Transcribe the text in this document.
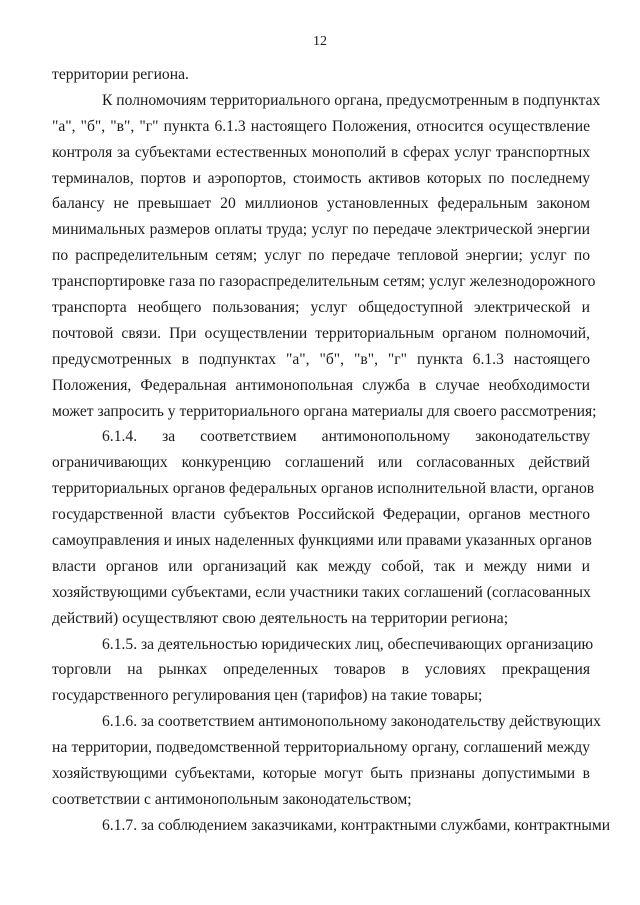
12
территории региона.
К полномочиям территориального органа, предусмотренным в подпунктах
"а", "б", "в", "г" пункта 6.1.3 настоящего Положения, относится осуществление
контроля за субъектами естественных монополий в сферах услуг транспортных
терминалов, портов и аэропортов, стоимость активов которых по последнему
балансу не превышает 20 миллионов установленных федеральным законом
минимальных размеров оплаты труда; услуг по передаче электрической энергии
по распределительным сетям; услуг по передаче тепловой энергии; услуг по
транспортировке газа по газораспределительным сетям; услуг железнодорожного
транспорта необщего пользования; услуг общедоступной электрической и
почтовой связи. При осуществлении территориальным органом полномочий,
предусмотренных в подпунктах "а", "б", "в", "г" пункта 6.1.3 настоящего
Положения, Федеральная антимонопольная служба в случае необходимости
может запросить у территориального органа материалы для своего рассмотрения;
6.1.4. за соответствием антимонопольному законодательству
ограничивающих конкуренцию соглашений или согласованных действий
территориальных органов федеральных органов исполнительной власти, органов
государственной власти субъектов Российской Федерации, органов местного
самоуправления и иных наделенных функциями или правами указанных органов
власти органов или организаций как между собой, так и между ними и
хозяйствующими субъектами, если участники таких соглашений (согласованных
действий) осуществляют свою деятельность на территории региона;
6.1.5. за деятельностью юридических лиц, обеспечивающих организацию
торговли на рынках определенных товаров в условиях прекращения
государственного регулирования цен (тарифов) на такие товары;
6.1.6. за соответствием антимонопольному законодательству действующих
на территории, подведомственной территориальному органу, соглашений между
хозяйствующими субъектами, которые могут быть признаны допустимыми в
соответствии с антимонопольным законодательством;
6.1.7. за соблюдением заказчиками, контрактными службами, контрактными
